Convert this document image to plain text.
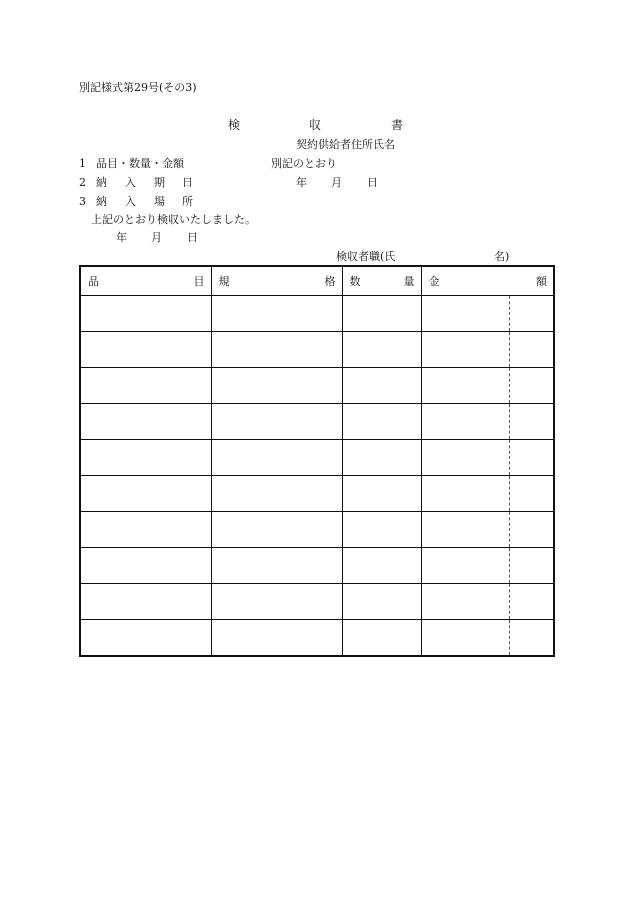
別記様式第29号(その3)
検	収	書
契約供給者住所氏名
1 品目・数量・金額	別記のとおり
2 納 入 期 日	年 月 日
3 納 入 場 所
上記のとおり検収いたしました。
年 月 日
検収者職(氏	名)
品 目	規 格	数 量	金 額
